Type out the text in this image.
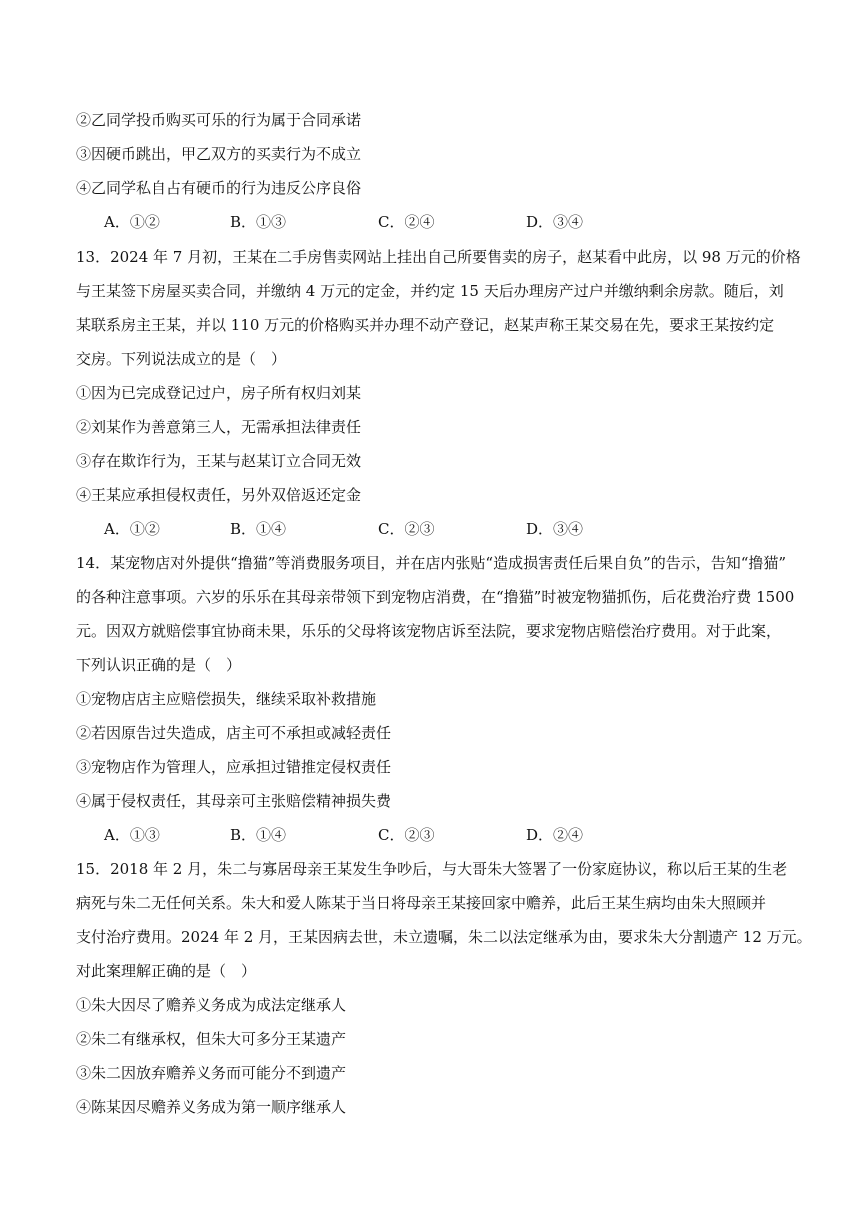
②乙同学投币购买可乐的行为属于合同承诺
③因硬币跳出，甲乙双方的买卖行为不成立
④乙同学私自占有硬币的行为违反公序良俗
A．①②	B．①③	C．②④	D．③④
13．2024 年 7 月初，王某在二手房售卖网站上挂出自己所要售卖的房子，赵某看中此房，以 98 万元的价格
与王某签下房屋买卖合同，并缴纳 4 万元的定金，并约定 15 天后办理房产过户并缴纳剩余房款。随后，刘
某联系房主王某，并以 110 万元的价格购买并办理不动产登记，赵某声称王某交易在先，要求王某按约定
交房。下列说法成立的是（　）
①因为已完成登记过户，房子所有权归刘某
②刘某作为善意第三人，无需承担法律责任
③存在欺诈行为，王某与赵某订立合同无效
④王某应承担侵权责任，另外双倍返还定金
A．①②	B．①④	C．②③	D．③④
14．某宠物店对外提供“撸猫”等消费服务项目，并在店内张贴“造成损害责任后果自负”的告示，告知“撸猫”
的各种注意事项。六岁的乐乐在其母亲带领下到宠物店消费，在“撸猫”时被宠物猫抓伤，后花费治疗费 1500
元。因双方就赔偿事宜协商未果，乐乐的父母将该宠物店诉至法院，要求宠物店赔偿治疗费用。对于此案，
下列认识正确的是（　）
①宠物店店主应赔偿损失，继续采取补救措施
②若因原告过失造成，店主可不承担或减轻责任
③宠物店作为管理人，应承担过错推定侵权责任
④属于侵权责任，其母亲可主张赔偿精神损失费
A．①③	B．①④	C．②③	D．②④
15．2018 年 2 月，朱二与寡居母亲王某发生争吵后，与大哥朱大签署了一份家庭协议，称以后王某的生老
病死与朱二无任何关系。朱大和爱人陈某于当日将母亲王某接回家中赡养，此后王某生病均由朱大照顾并
支付治疗费用。2024 年 2 月，王某因病去世，未立遗嘱，朱二以法定继承为由，要求朱大分割遗产 12 万元。
对此案理解正确的是（　）
①朱大因尽了赡养义务成为成法定继承人
②朱二有继承权，但朱大可多分王某遗产
③朱二因放弃赡养义务而可能分不到遗产
④陈某因尽赡养义务成为第一顺序继承人
